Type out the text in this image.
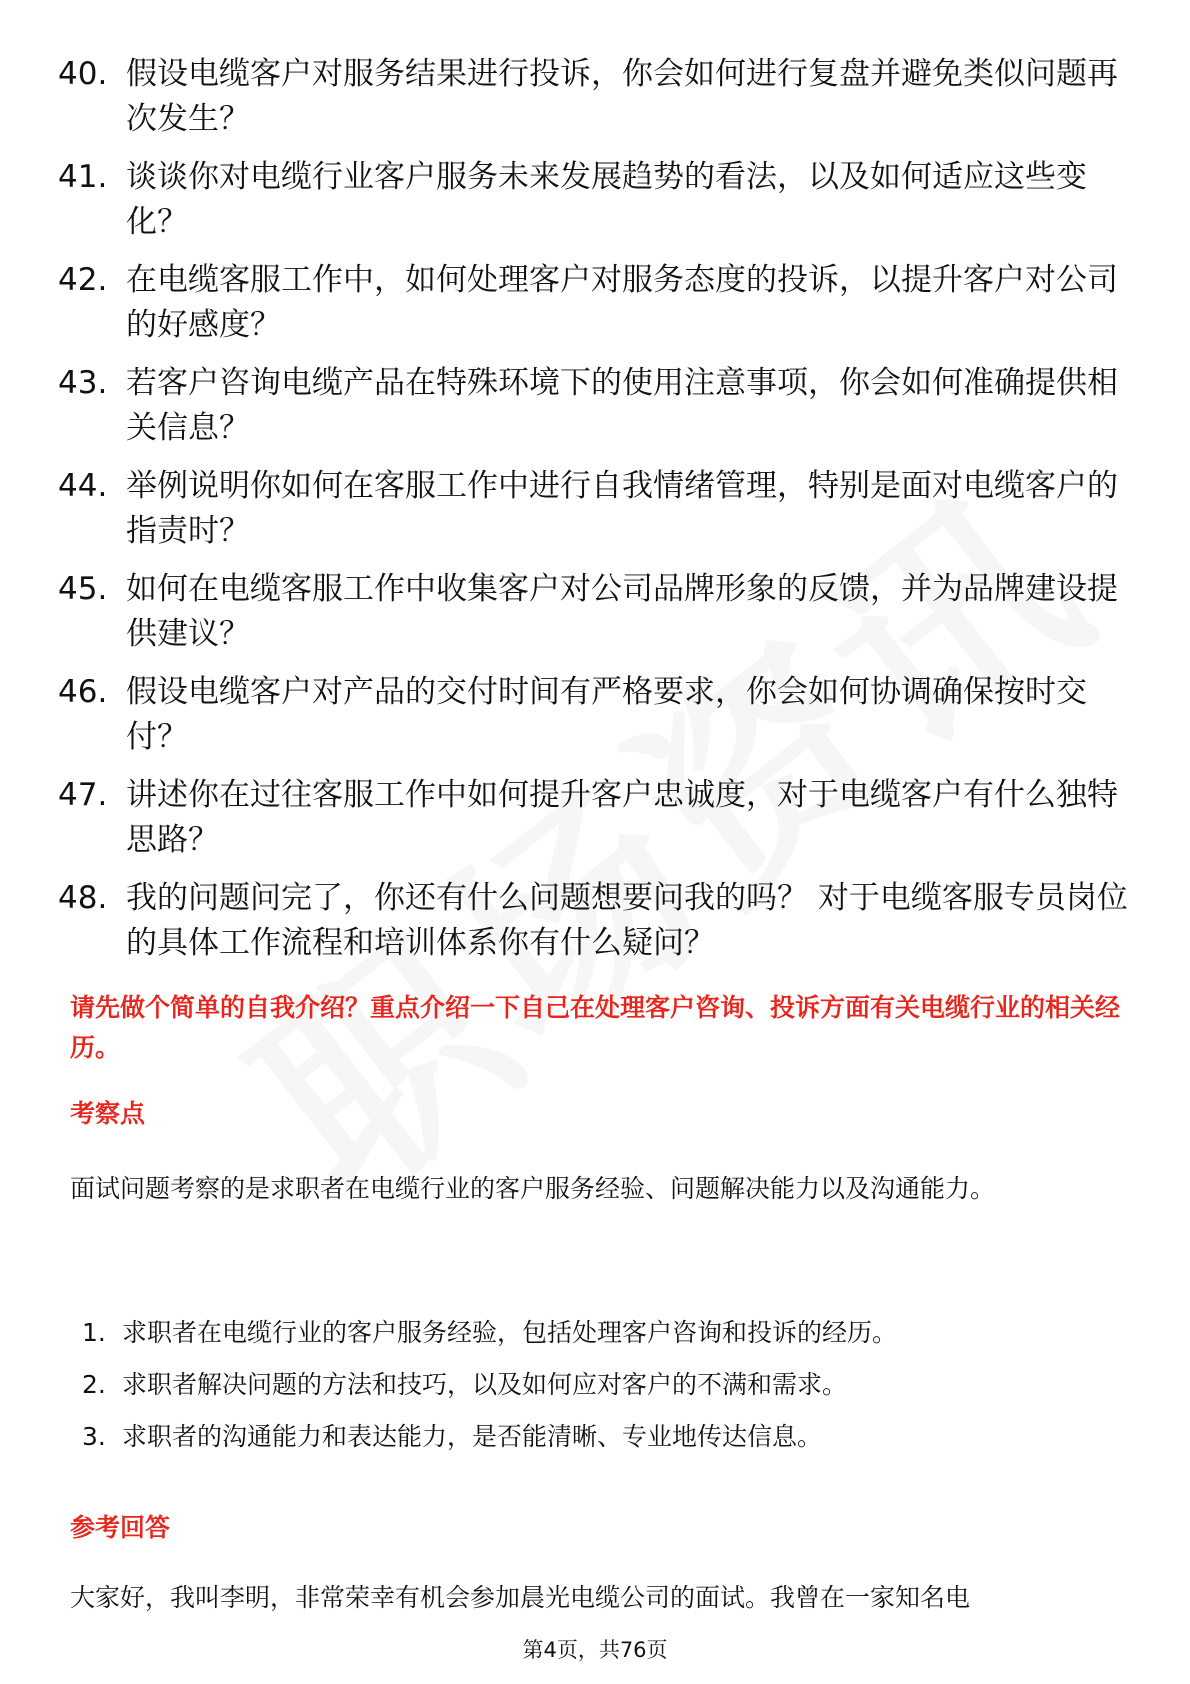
40. 假设电缆客户对服务结果进行投诉，你会如何进行复盘并避免类似问题再次发生？
41. 谈谈你对电缆行业客户服务未来发展趋势的看法，以及如何适应这些变化？
42. 在电缆客服工作中，如何处理客户对服务态度的投诉，以提升客户对公司的好感度？
43. 若客户咨询电缆产品在特殊环境下的使用注意事项，你会如何准确提供相关信息？
44. 举例说明你如何在客服工作中进行自我情绪管理，特别是面对电缆客户的指责时？
45. 如何在电缆客服工作中收集客户对公司品牌形象的反馈，并为品牌建设提供建议？
46. 假设电缆客户对产品的交付时间有严格要求，你会如何协调确保按时交付？
47. 讲述你在过往客服工作中如何提升客户忠诚度，对于电缆客户有什么独特思路？
48. 我的问题问完了，你还有什么问题想要问我的吗？ 对于电缆客服专员岗位的具体工作流程和培训体系你有什么疑问？
请先做个简单的自我介绍？重点介绍一下自己在处理客户咨询、投诉方面有关电缆行业的相关经历。
考察点
面试问题考察的是求职者在电缆行业的客户服务经验、问题解决能力以及沟通能力。
1. 求职者在电缆行业的客户服务经验，包括处理客户咨询和投诉的经历。
2. 求职者解决问题的方法和技巧，以及如何应对客户的不满和需求。
3. 求职者的沟通能力和表达能力，是否能清晰、专业地传达信息。
参考回答
大家好，我叫李明，非常荣幸有机会参加晨光电缆公司的面试。我曾在一家知名电
第4页，共76页
